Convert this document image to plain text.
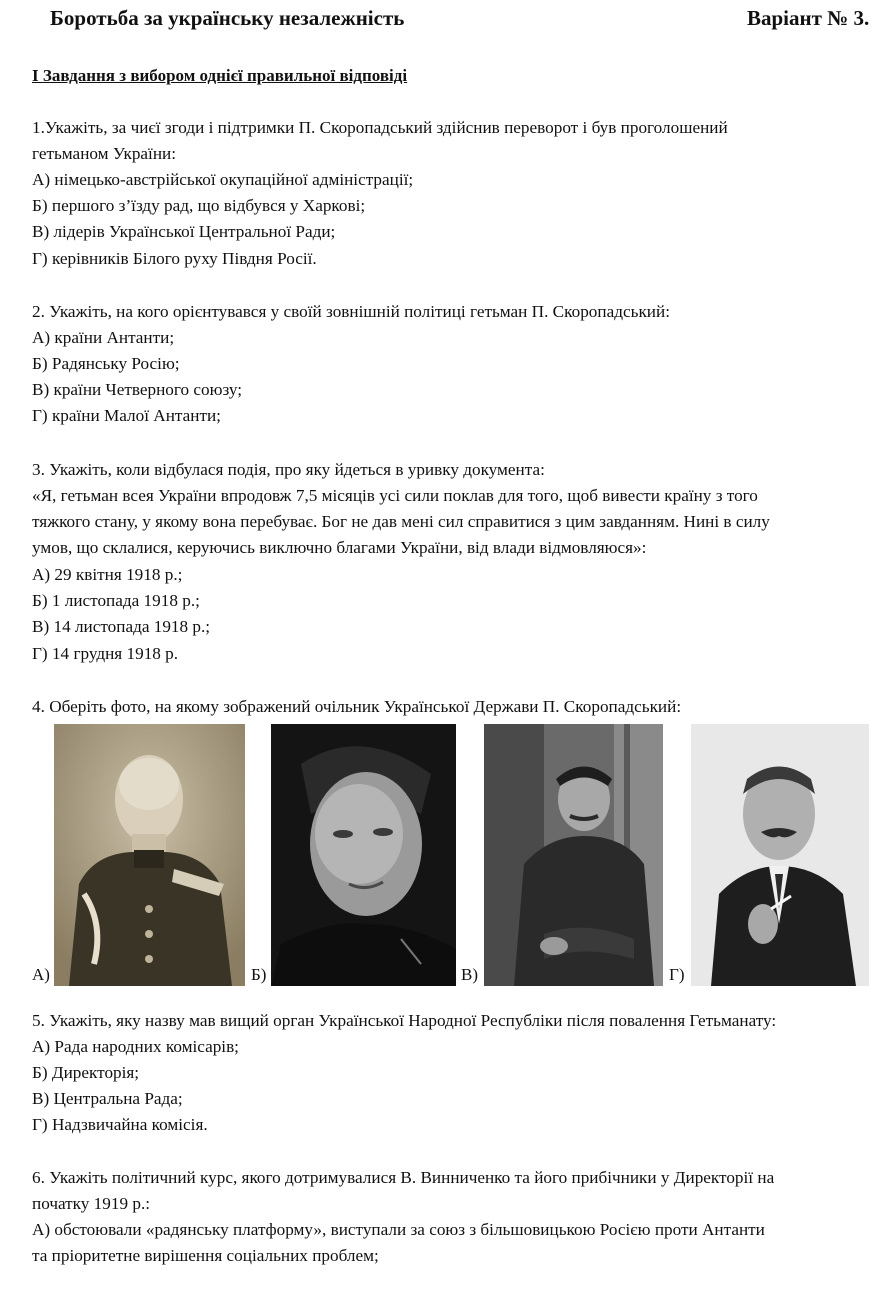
Боротьба за українську незалежність	Варіант № 3.
І Завдання з вибором однієї правильної відповіді
1.Укажіть, за чиєї згоди і підтримки П. Скоропадський здійснив переворот і був проголошений
гетьманом України:
А) німецько-австрійської окупаційної адміністрації;
Б) першого з’їзду рад, що відбувся у Харкові;
В) лідерів Української Центральної Ради;
Г) керівників Білого руху Півдня Росії.
2. Укажіть, на кого орієнтувався у своїй зовнішній політиці гетьман П. Скоропадський:
А) країни Антанти;
Б) Радянську Росію;
В) країни Четверного союзу;
Г) країни Малої Антанти;
3. Укажіть, коли відбулася подія, про яку йдеться в уривку документа:
«Я, гетьман всея України впродовж 7,5 місяців усі сили поклав для того, щоб вивести країну з того
тяжкого стану, у якому вона перебуває. Бог не дав мені сил справитися з цим завданням. Нині в силу
умов, що склалися, керуючись виключно благами України, від влади відмовляюся»:
А) 29 квітня 1918 р.;
Б) 1 листопада 1918 р.;
В) 14 листопада 1918 р.;
Г) 14 грудня 1918 р.
4. Оберіть фото, на якому зображений очільник Української Держави П. Скоропадський:
А)	Б)	В)	Г)
5. Укажіть, яку назву мав вищий орган Української Народної Республіки після повалення Гетьманату:
А) Рада народних комісарів;
Б) Директорія;
В) Центральна Рада;
Г) Надзвичайна комісія.
6. Укажіть політичний курс, якого дотримувалися В. Винниченко та його прибічники у Директорії на
початку 1919 р.:
А) обстоювали «радянську платформу», виступали за союз з більшовицькою Росією проти Антанти
та пріоритетне вирішення соціальних проблем;
